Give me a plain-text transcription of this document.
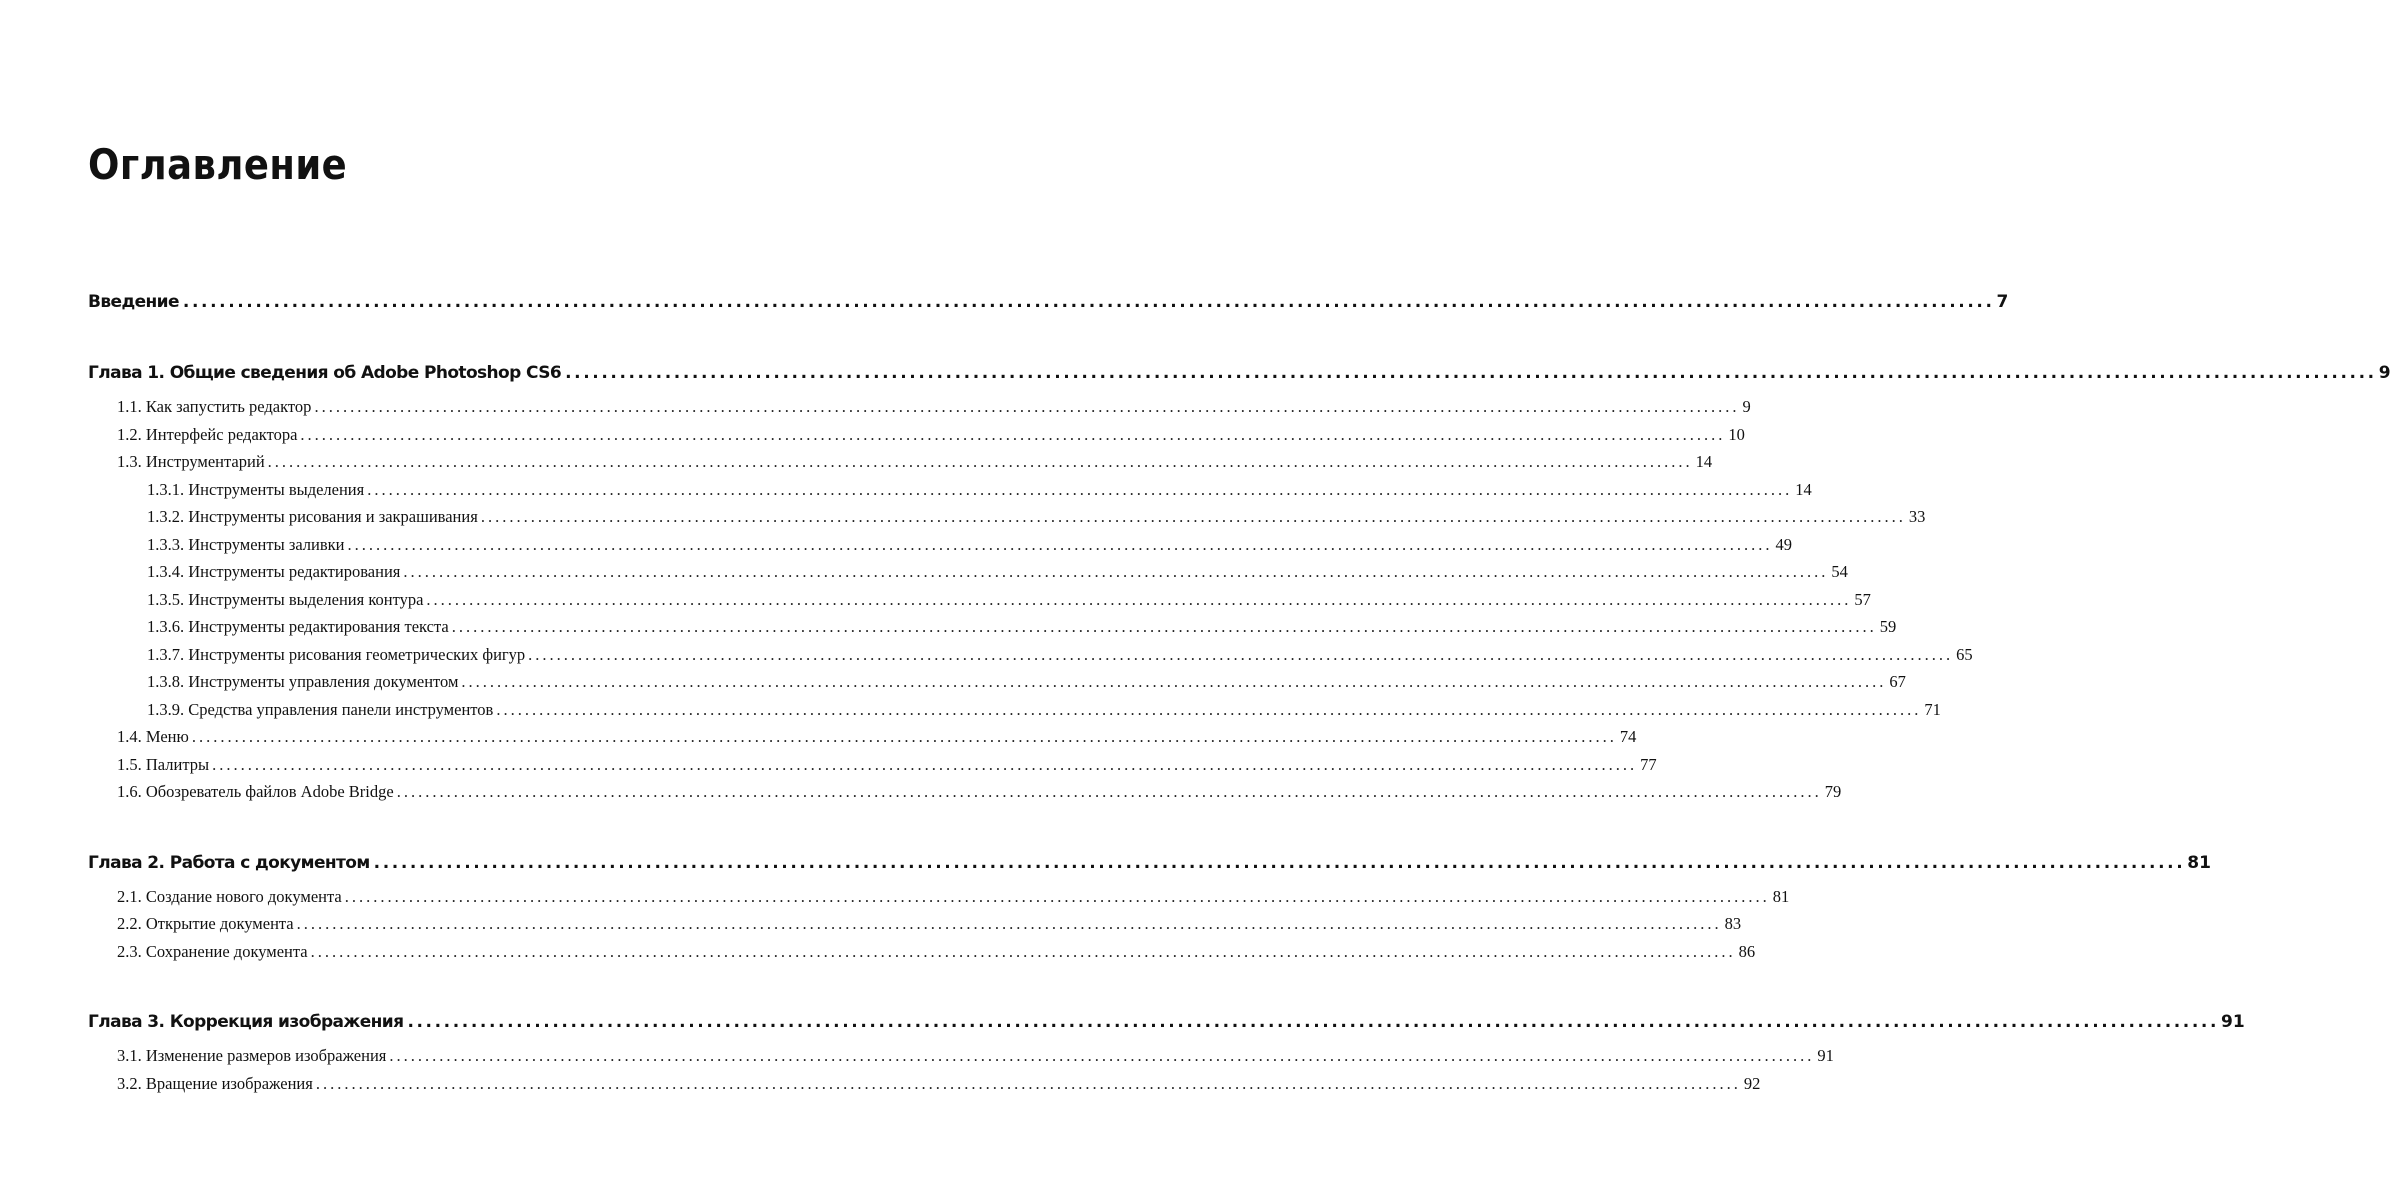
Оглавление
Введение ........................................................................................................................................................................................................ 7
Глава 1. Общие сведения об Adobe Photoshop CS6 ........................................................................................................................................................................................................ 9
1.1. Как запустить редактор ........................................................................................................................................................................................................ 9
1.2. Интерфейс редактора ........................................................................................................................................................................................................ 10
1.3. Инструментарий ........................................................................................................................................................................................................ 14
1.3.1. Инструменты выделения ........................................................................................................................................................................................................ 14
1.3.2. Инструменты рисования и закрашивания ........................................................................................................................................................................................................ 33
1.3.3. Инструменты заливки ........................................................................................................................................................................................................ 49
1.3.4. Инструменты редактирования ........................................................................................................................................................................................................ 54
1.3.5. Инструменты выделения контура ........................................................................................................................................................................................................ 57
1.3.6. Инструменты редактирования текста ........................................................................................................................................................................................................ 59
1.3.7. Инструменты рисования геометрических фигур ........................................................................................................................................................................................................ 65
1.3.8. Инструменты управления документом ........................................................................................................................................................................................................ 67
1.3.9. Средства управления панели инструментов ........................................................................................................................................................................................................ 71
1.4. Меню ........................................................................................................................................................................................................ 74
1.5. Палитры ........................................................................................................................................................................................................ 77
1.6. Обозреватель файлов Adobe Bridge ........................................................................................................................................................................................................ 79
Глава 2. Работа с документом ........................................................................................................................................................................................................ 81
2.1. Создание нового документа ........................................................................................................................................................................................................ 81
2.2. Открытие документа ........................................................................................................................................................................................................ 83
2.3. Сохранение документа ........................................................................................................................................................................................................ 86
Глава 3. Коррекция изображения ........................................................................................................................................................................................................ 91
3.1. Изменение размеров изображения ........................................................................................................................................................................................................ 91
3.2. Вращение изображения ........................................................................................................................................................................................................ 92
